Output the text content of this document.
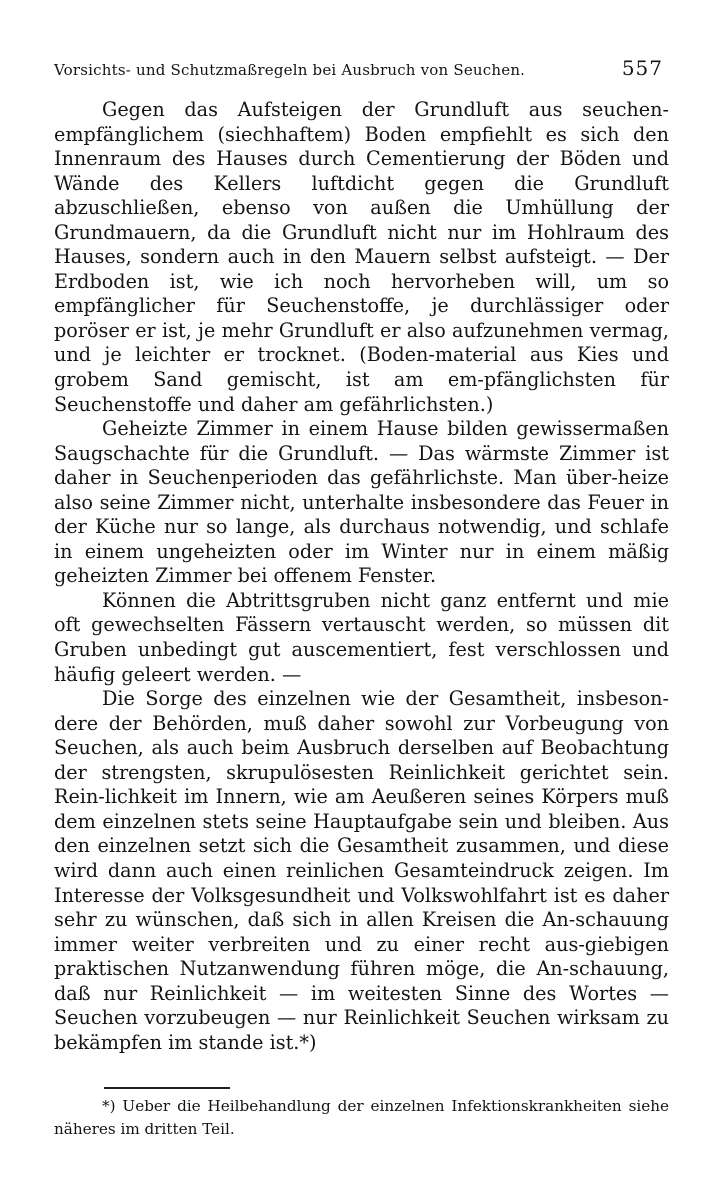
Vorsichts- und Schutzmaßregeln bei Ausbruch von Seuchen.	557

Gegen das Aufsteigen der Grundluft aus seuchen-empfänglichem (siechhaftem) Boden empfiehlt es sich den Innenraum des Hauses durch Cementierung der Böden und Wände des Kellers luftdicht gegen die Grundluft abzuschließen, ebenso von außen die Umhüllung der Grundmauern, da die Grundluft nicht nur im Hohlraum des Hauses, sondern auch in den Mauern selbst aufsteigt. — Der Erdboden ist, wie ich noch hervorheben will, um so empfänglicher für Seuchenstoffe, je durchlässiger oder poröser er ist, je mehr Grundluft er also aufzunehmen vermag, und je leichter er trocknet. (Boden-material aus Kies und grobem Sand gemischt, ist am em-pfänglichsten für Seuchenstoffe und daher am gefährlichsten.)

Geheizte Zimmer in einem Hause bilden gewissermaßen Saugschachte für die Grundluft. — Das wärmste Zimmer ist daher in Seuchenperioden das gefährlichste. Man über-heize also seine Zimmer nicht, unterhalte insbesondere das Feuer in der Küche nur so lange, als durchaus notwendig, und schlafe in einem ungeheizten oder im Winter nur in einem mäßig geheizten Zimmer bei offenem Fenster.

Können die Abtrittsgruben nicht ganz entfernt und mie oft gewechselten Fässern vertauscht werden, so müssen dit Gruben unbedingt gut auscementiert, fest verschlossen und häufig geleert werden. —

Die Sorge des einzelnen wie der Gesamtheit, insbeson-dere der Behörden, muß daher sowohl zur Vorbeugung von Seuchen, als auch beim Ausbruch derselben auf Beobachtung der strengsten, skrupulösesten Reinlichkeit gerichtet sein. Rein-lichkeit im Innern, wie am Aeußeren seines Körpers muß dem einzelnen stets seine Hauptaufgabe sein und bleiben. Aus den einzelnen setzt sich die Gesamtheit zusammen, und diese wird dann auch einen reinlichen Gesamteindruck zeigen. Im Interesse der Volksgesundheit und Volkswohlfahrt ist es daher sehr zu wünschen, daß sich in allen Kreisen die An-schauung immer weiter verbreiten und zu einer recht aus-giebigen praktischen Nutzanwendung führen möge, die An-schauung, daß nur Reinlichkeit — im weitesten Sinne des Wortes — Seuchen vorzubeugen — nur Reinlichkeit Seuchen wirksam zu bekämpfen im stande ist.*)

*) Ueber die Heilbehandlung der einzelnen Infektionskrankheiten siehe näheres im dritten Teil.
